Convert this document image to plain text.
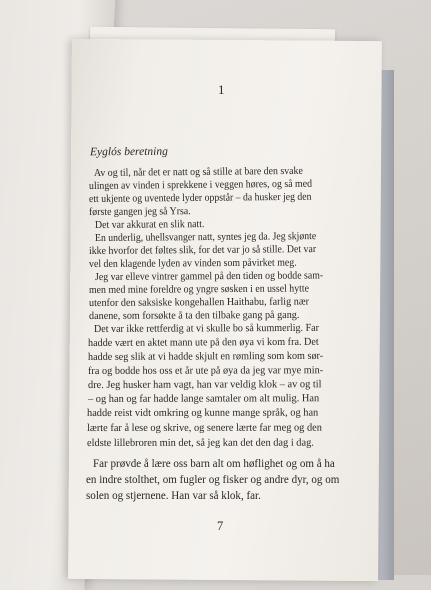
1
Eyglós beretning
Av og til, når det er natt og så stille at bare den svake
ulingen av vinden i sprekkene i veggen høres, og så med
ett ukjente og uventede lyder oppstår – da husker jeg den
første gangen jeg så Yrsa.
Det var akkurat en slik natt.
En underlig, uhellsvanger natt, syntes jeg da. Jeg skjønte
ikke hvorfor det føltes slik, for det var jo så stille. Det var
vel den klagende lyden av vinden som påvirket meg.
Jeg var elleve vintrer gammel på den tiden og bodde sam-
men med mine foreldre og yngre søsken i en ussel hytte
utenfor den saksiske kongehallen Haithabu, farlig nær
danene, som forsøkte å ta den tilbake gang på gang.
Det var ikke rettferdig at vi skulle bo så kummerlig. Far
hadde vært en aktet mann ute på den øya vi kom fra. Det
hadde seg slik at vi hadde skjult en rømling som kom sør-
fra og bodde hos oss et år ute på øya da jeg var mye min-
dre. Jeg husker ham vagt, han var veldig klok – av og til
– og han og far hadde lange samtaler om alt mulig. Han
hadde reist vidt omkring og kunne mange språk, og han
lærte far å lese og skrive, og senere lærte far meg og den
eldste lillebroren min det, så jeg kan det den dag i dag.
Far prøvde å lære oss barn alt om høflighet og om å ha
en indre stolthet, om fugler og fisker og andre dyr, og om
solen og stjernene. Han var så klok, far.
7
